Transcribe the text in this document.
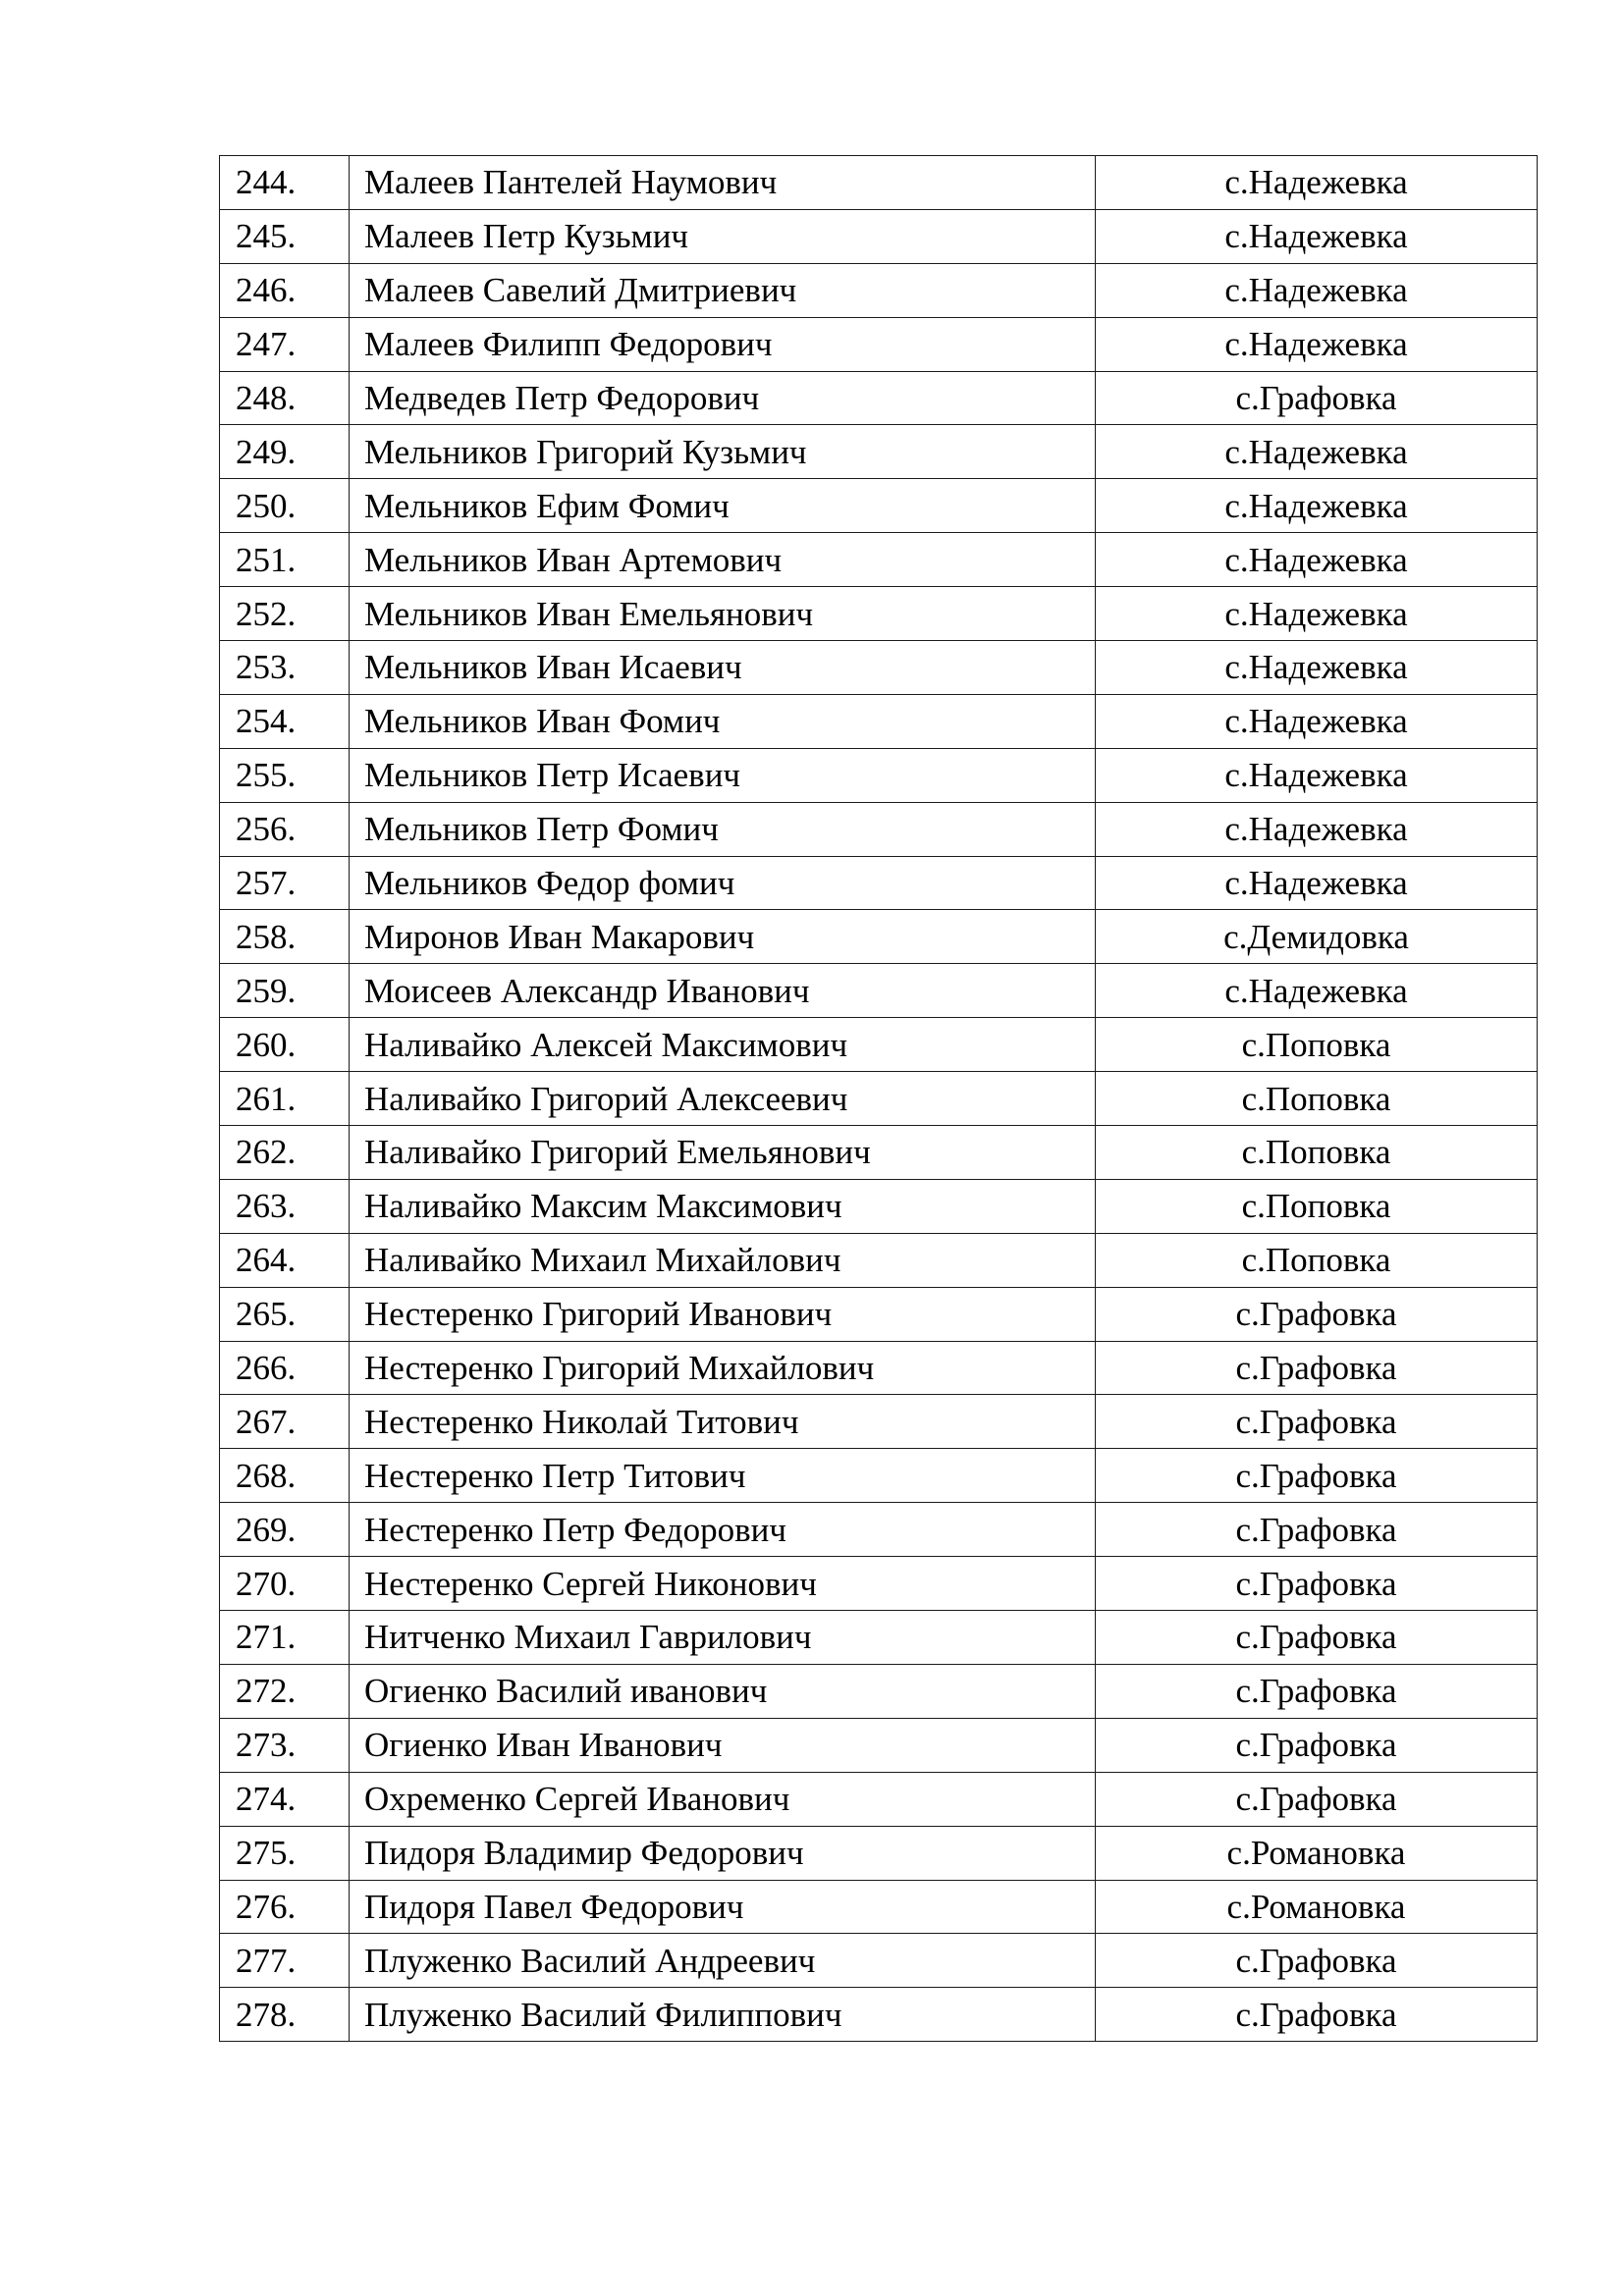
244.	Малеев Пантелей Наумович	с.Надежевка
245.	Малеев Петр Кузьмич	с.Надежевка
246.	Малеев Савелий Дмитриевич	с.Надежевка
247.	Малеев Филипп Федорович	с.Надежевка
248.	Медведев Петр Федорович	с.Графовка
249.	Мельников Григорий Кузьмич	с.Надежевка
250.	Мельников Ефим Фомич	с.Надежевка
251.	Мельников Иван Артемович	с.Надежевка
252.	Мельников Иван Емельянович	с.Надежевка
253.	Мельников Иван Исаевич	с.Надежевка
254.	Мельников Иван Фомич	с.Надежевка
255.	Мельников Петр Исаевич	с.Надежевка
256.	Мельников Петр Фомич	с.Надежевка
257.	Мельников Федор фомич	с.Надежевка
258.	Миронов Иван Макарович	с.Демидовка
259.	Моисеев Александр Иванович	с.Надежевка
260.	Наливайко Алексей Максимович	с.Поповка
261.	Наливайко Григорий Алексеевич	с.Поповка
262.	Наливайко Григорий Емельянович	с.Поповка
263.	Наливайко Максим Максимович	с.Поповка
264.	Наливайко Михаил Михайлович	с.Поповка
265.	Нестеренко Григорий Иванович	с.Графовка
266.	Нестеренко Григорий Михайлович	с.Графовка
267.	Нестеренко Николай Титович	с.Графовка
268.	Нестеренко Петр Титович	с.Графовка
269.	Нестеренко Петр Федорович	с.Графовка
270.	Нестеренко Сергей Никонович	с.Графовка
271.	Нитченко Михаил Гаврилович	с.Графовка
272.	Огиенко Василий иванович	с.Графовка
273.	Огиенко Иван Иванович	с.Графовка
274.	Охременко Сергей Иванович	с.Графовка
275.	Пидоря Владимир Федорович	с.Романовка
276.	Пидоря Павел Федорович	с.Романовка
277.	Плуженко Василий Андреевич	с.Графовка
278.	Плуженко Василий Филиппович	с.Графовка
